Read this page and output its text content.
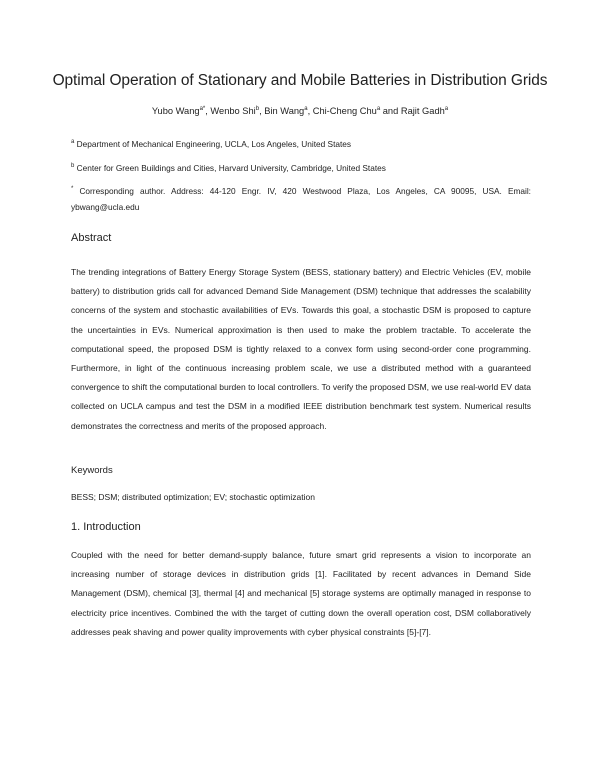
Optimal Operation of Stationary and Mobile Batteries in Distribution Grids
Yubo Wang$^{a*}$, Wenbo Shi$^b$, Bin Wang$^a$, Chi-Cheng Chu$^a$ and Rajit Gadh$^a$
$^a$ Department of Mechanical Engineering, UCLA, Los Angeles, United States
$^b$ Center for Green Buildings and Cities, Harvard University, Cambridge, United States
* Corresponding author. Address: 44-120 Engr. IV, 420 Westwood Plaza, Los Angeles, CA 90095, USA. Email: ybwang@ucla.edu
Abstract
The trending integrations of Battery Energy Storage System (BESS, stationary battery) and Electric Vehicles (EV, mobile battery) to distribution grids call for advanced Demand Side Management (DSM) technique that addresses the scalability concerns of the system and stochastic availabilities of EVs. Towards this goal, a stochastic DSM is proposed to capture the uncertainties in EVs. Numerical approximation is then used to make the problem tractable. To accelerate the computational speed, the proposed DSM is tightly relaxed to a convex form using second-order cone programming. Furthermore, in light of the continuous increasing problem scale, we use a distributed method with a guaranteed convergence to shift the computational burden to local controllers. To verify the proposed DSM, we use real-world EV data collected on UCLA campus and test the DSM in a modified IEEE distribution benchmark test system. Numerical results demonstrates the correctness and merits of the proposed approach.
Keywords
BESS; DSM; distributed optimization; EV; stochastic optimization
1. Introduction
Coupled with the need for better demand-supply balance, future smart grid represents a vision to incorporate an increasing number of storage devices in distribution grids [1]. Facilitated by recent advances in Demand Side Management (DSM), chemical [3], thermal [4] and mechanical [5] storage systems are optimally managed in response to electricity price incentives. Combined the with the target of cutting down the overall operation cost, DSM collaboratively addresses peak shaving and power quality improvements with cyber physical constraints [5]-[7].
